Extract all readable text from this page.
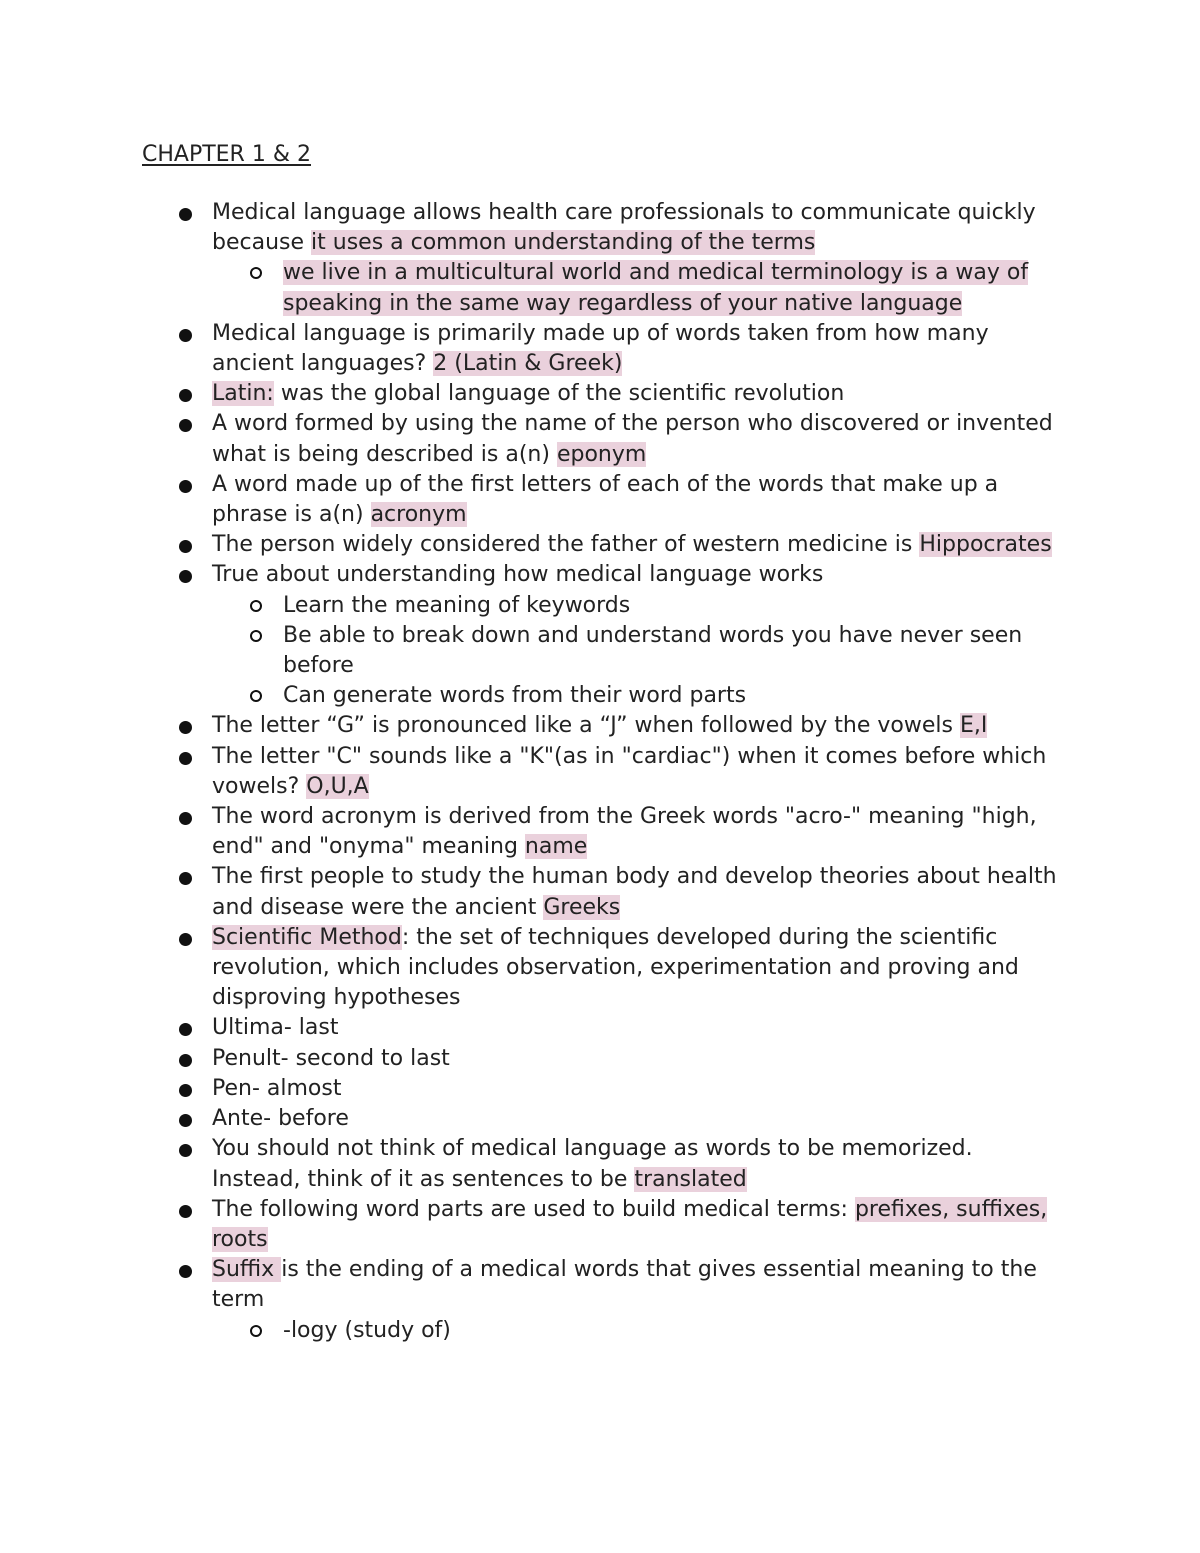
CHAPTER 1 & 2
Medical language allows health care professionals to communicate quickly because it uses a common understanding of the terms
we live in a multicultural world and medical terminology is a way of speaking in the same way regardless of your native language
Medical language is primarily made up of words taken from how many ancient languages? 2 (Latin & Greek)
Latin: was the global language of the scientific revolution
A word formed by using the name of the person who discovered or invented what is being described is a(n) eponym
A word made up of the first letters of each of the words that make up a phrase is a(n) acronym
The person widely considered the father of western medicine is Hippocrates
True about understanding how medical language works
Learn the meaning of keywords
Be able to break down and understand words you have never seen before
Can generate words from their word parts
The letter “G” is pronounced like a “J” when followed by the vowels E,I
The letter "C" sounds like a "K"(as in "cardiac") when it comes before which vowels? O,U,A
The word acronym is derived from the Greek words "acro-" meaning "high, end" and "onyma" meaning name
The first people to study the human body and develop theories about health and disease were the ancient Greeks
Scientific Method: the set of techniques developed during the scientific revolution, which includes observation, experimentation and proving and disproving hypotheses
Ultima- last
Penult- second to last
Pen- almost
Ante- before
You should not think of medical language as words to be memorized. Instead, think of it as sentences to be translated
The following word parts are used to build medical terms: prefixes, suffixes, roots
Suffix is the ending of a medical words that gives essential meaning to the term
-logy (study of)
